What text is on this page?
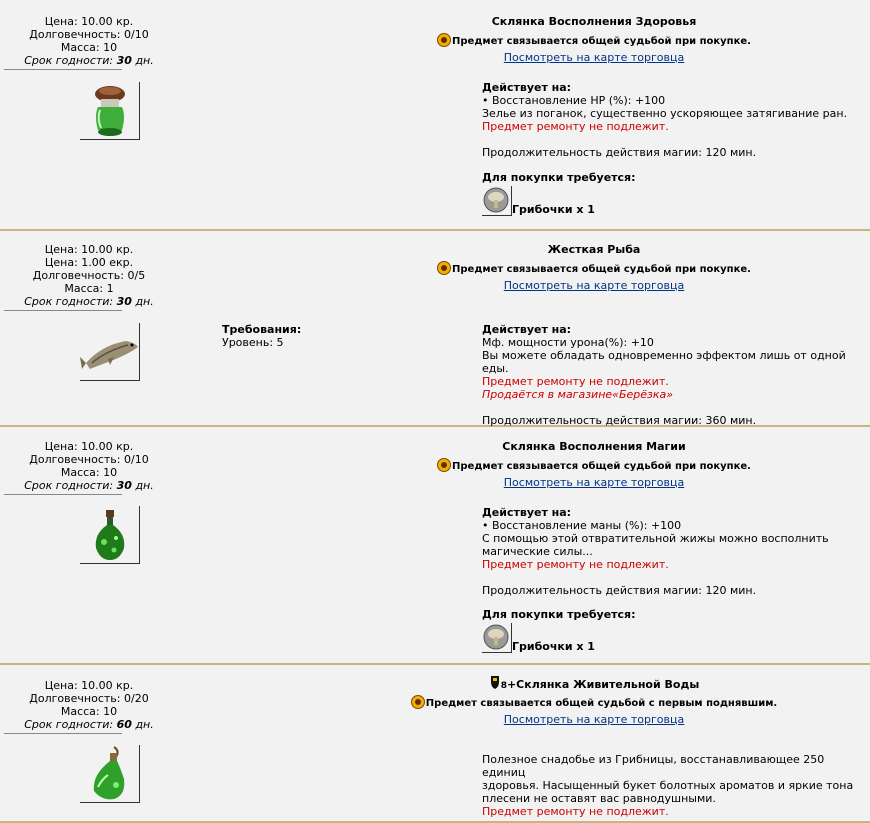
Цена: 10.00 кр.
Долговечность: 0/10
Масса: 10
Срок годности: 30 дн.
Склянка Восполнения Здоровья
Предмет связывается общей судьбой при покупке.
Посмотреть на карте торговца
Действует на:
• Восстановление HP (%): +100
Зелье из поганок, существенно ускоряющее затягивание ран.
Предмет ремонту не подлежит.
Продолжительность действия магии: 120 мин.
Для покупки требуется:
Грибочки x 1
Цена: 10.00 кр.
Цена: 1.00 екр.
Долговечность: 0/5
Масса: 1
Срок годности: 30 дн.
Жесткая Рыба
Предмет связывается общей судьбой при покупке.
Посмотреть на карте торговца
Требования:
Уровень: 5
Действует на:
Мф. мощности урона(%): +10
Вы можете обладать одновременно эффектом лишь от одной еды.
Предмет ремонту не подлежит.
Продаётся в магазине«Берёзка»
Продолжительность действия магии: 360 мин.
Цена: 10.00 кр.
Долговечность: 0/10
Масса: 10
Срок годности: 30 дн.
Склянка Восполнения Магии
Предмет связывается общей судьбой при покупке.
Посмотреть на карте торговца
Действует на:
• Восстановление маны (%): +100
С помощью этой отвратительной жижы можно восполнить
магические силы...
Предмет ремонту не подлежит.
Продолжительность действия магии: 120 мин.
Для покупки требуется:
Грибочки x 1
Цена: 10.00 кр.
Долговечность: 0/20
Масса: 10
Срок годности: 60 дн.
8+Склянка Живительной Воды
Предмет связывается общей судьбой с первым поднявшим.
Посмотреть на карте торговца
Полезное снадобье из Грибницы, восстанавливающее 250 единиц
здоровья. Насыщенный букет болотных ароматов и яркие тона
плесени не оставят вас равнодушными.
Предмет ремонту не подлежит.
